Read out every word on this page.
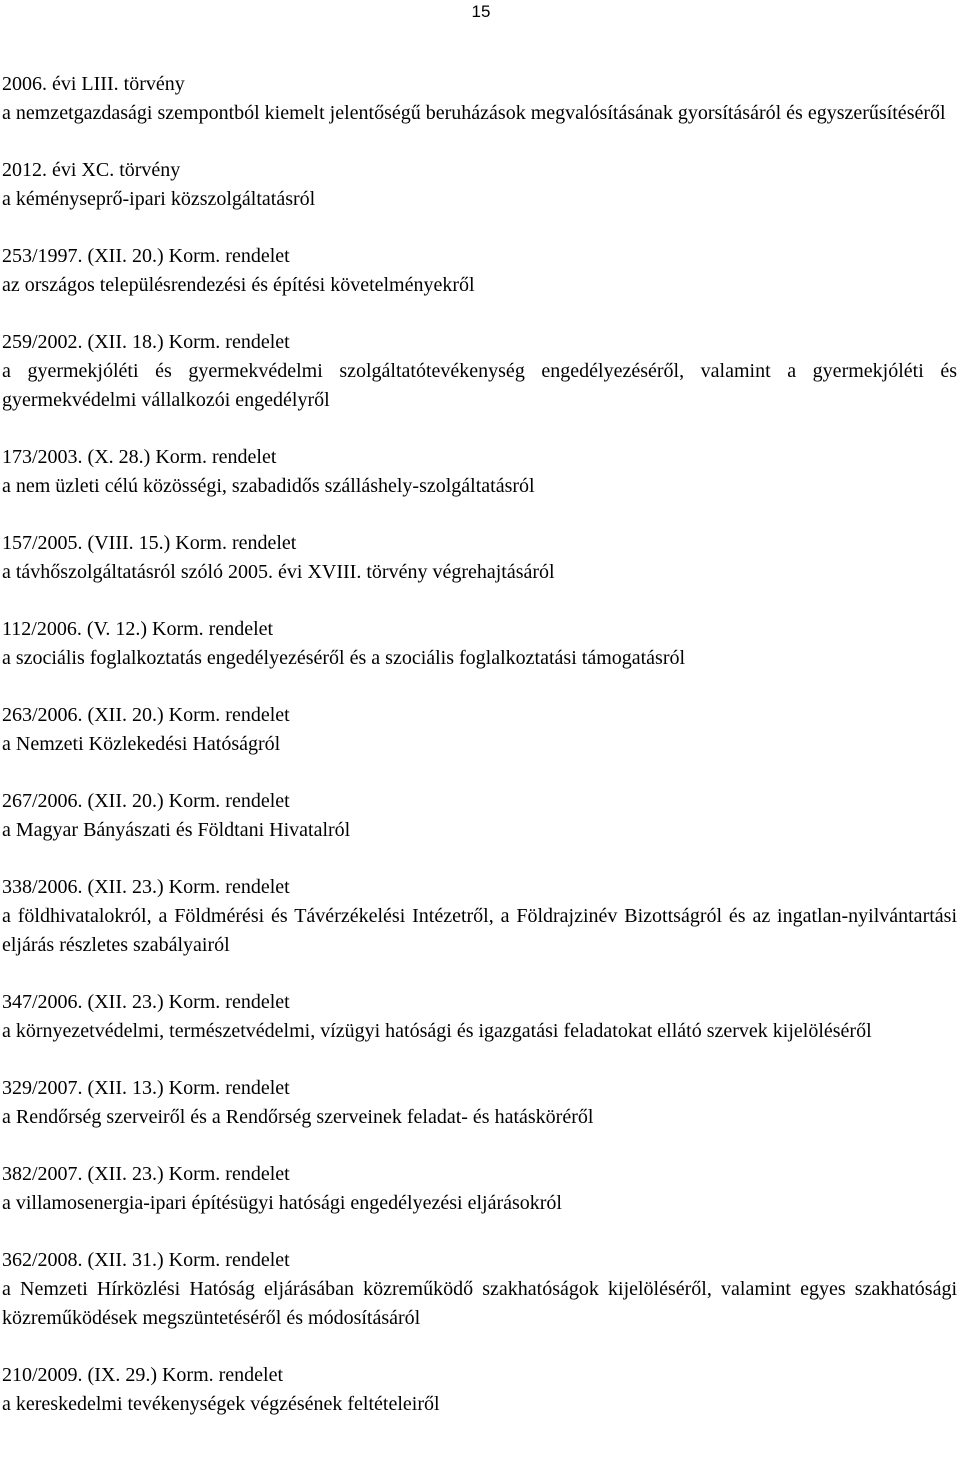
15
2006. évi LIII. törvény
a nemzetgazdasági szempontból kiemelt jelentőségű beruházások megvalósításának gyorsításáról és egyszerűsítéséről
2012. évi XC. törvény
a kéményseprő-ipari közszolgáltatásról
253/1997. (XII. 20.) Korm. rendelet
az országos településrendezési és építési követelményekről
259/2002. (XII. 18.) Korm. rendelet
a gyermekjóléti és gyermekvédelmi szolgáltatótevékenység engedélyezéséről, valamint a gyermekjóléti és gyermekvédelmi vállalkozói engedélyről
173/2003. (X. 28.) Korm. rendelet
a nem üzleti célú közösségi, szabadidős szálláshely-szolgáltatásról
157/2005. (VIII. 15.) Korm. rendelet
a távhőszolgáltatásról szóló 2005. évi XVIII. törvény végrehajtásáról
112/2006. (V. 12.) Korm. rendelet
a szociális foglalkoztatás engedélyezéséről és a szociális foglalkoztatási támogatásról
263/2006. (XII. 20.) Korm. rendelet
a Nemzeti Közlekedési Hatóságról
267/2006. (XII. 20.) Korm. rendelet
a Magyar Bányászati és Földtani Hivatalról
338/2006. (XII. 23.) Korm. rendelet
a földhivatalokról, a Földmérési és Távérzékelési Intézetről, a Földrajzinév Bizottságról és az ingatlan-nyilvántartási eljárás részletes szabályairól
347/2006. (XII. 23.) Korm. rendelet
a környezetvédelmi, természetvédelmi, vízügyi hatósági és igazgatási feladatokat ellátó szervek kijelöléséről
329/2007. (XII. 13.) Korm. rendelet
a Rendőrség szerveiről és a Rendőrség szerveinek feladat- és hatásköréről
382/2007. (XII. 23.) Korm. rendelet
a villamosenergia-ipari építésügyi hatósági engedélyezési eljárásokról
362/2008. (XII. 31.) Korm. rendelet
a Nemzeti Hírközlési Hatóság eljárásában közreműködő szakhatóságok kijelöléséről, valamint egyes szakhatósági közreműködések megszüntetéséről és módosításáról
210/2009. (IX. 29.) Korm. rendelet
a kereskedelmi tevékenységek végzésének feltételeiről
